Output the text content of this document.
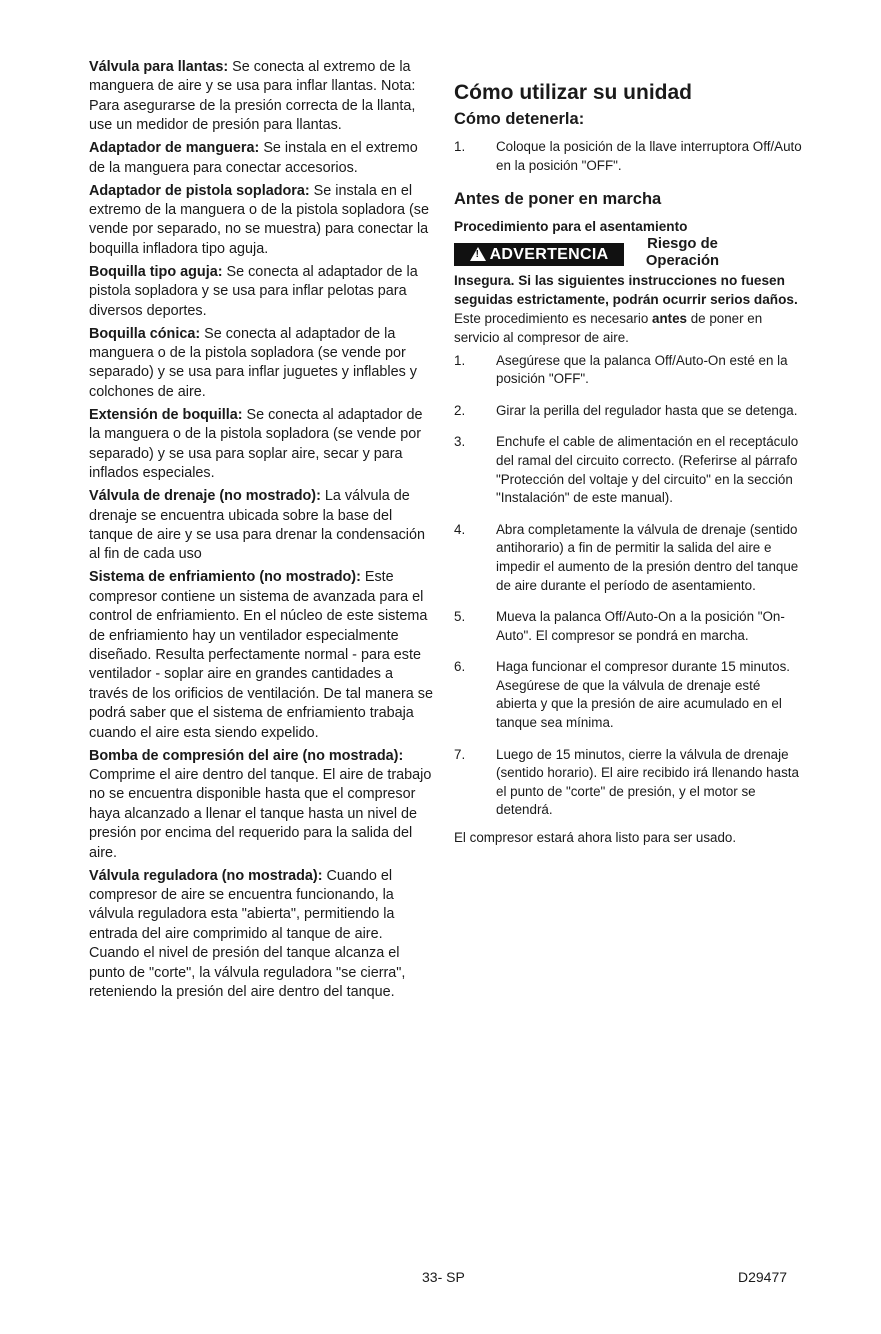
Válvula para llantas: Se conecta al extremo de la manguera de aire y se usa para inflar llantas. Nota: Para asegurarse de la presión correcta de la llanta, use un medidor de presión para llantas.

Adaptador de manguera: Se instala en el extremo de la manguera para conectar accesorios.

Adaptador de pistola sopladora: Se instala en el extremo de la manguera o de la pistola sopladora (se vende por separado, no se muestra) para conectar la boquilla infladora tipo aguja.

Boquilla tipo aguja: Se conecta al adaptador de la pistola sopladora y se usa para inflar pelotas para diversos deportes.

Boquilla cónica: Se conecta al adaptador de la manguera o de la pistola sopladora (se vende por separado) y se usa para inflar juguetes y inflables y colchones de aire.

Extensión de boquilla: Se conecta al adaptador de la manguera o de la pistola sopladora (se vende por separado) y se usa para soplar aire, secar y para inflados especiales.

Válvula de drenaje (no mostrado): La válvula de drenaje se encuentra ubicada sobre la base del tanque de aire y se usa para drenar la condensación al fin de cada uso

Sistema de enfriamiento (no mostrado): Este compresor contiene un sistema de avanzada para el control de enfriamiento. En el núcleo de este sistema de enfriamiento hay un ventilador especialmente diseñado. Resulta perfectamente normal - para este ventilador - soplar aire en grandes cantidades a través de los orificios de ventilación. De tal manera se podrá saber que el sistema de enfriamiento trabaja cuando el aire esta siendo expelido.

Bomba de compresión del aire (no mostrada): Comprime el aire dentro del tanque. El aire de trabajo no se encuentra disponible hasta que el compresor haya alcanzado a llenar el tanque hasta un nivel de presión por encima del requerido para la salida del aire.

Válvula reguladora (no mostrada): Cuando el compresor de aire se encuentra funcionando, la válvula reguladora esta "abierta", permitiendo la entrada del aire comprimido al tanque de aire. Cuando el nivel de presión del tanque alcanza el punto de "corte", la válvula reguladora "se cierra", reteniendo la presión del aire dentro del tanque.

Cómo utilizar su unidad
Cómo detenerla:
1. Coloque la posición de la llave interruptora Off/Auto en la posición "OFF".
Antes de poner en marcha
Procedimiento para el asentamiento
!ADVERTENCIA
Riesgo de Operación
Insegura. Si las siguientes instrucciones no fuesen seguidas estrictamente, podrán ocurrir serios daños.

Este procedimiento es necesario antes de poner en servicio al compresor de aire.

1. Asegúrese que la palanca Off/Auto-On esté en la posición "OFF".
2. Girar la perilla del regulador hasta que se detenga.
3. Enchufe el cable de alimentación en el receptáculo del ramal del circuito correcto. (Referirse al párrafo "Protección del voltaje y del circuito" en la sección "Instalación" de este manual).
4. Abra completamente la válvula de drenaje (sentido antihorario) a fin de permitir la salida del aire e impedir el aumento de la presión dentro del tanque de aire durante el período de asentamiento.
5. Mueva la palanca Off/Auto-On a la posición "On-Auto". El compresor se pondrá en marcha.
6. Haga funcionar el compresor durante 15 minutos. Asegúrese de que la válvula de drenaje esté abierta y que la presión de aire acumulado en el tanque sea mínima.
7. Luego de 15 minutos, cierre la válvula de drenaje (sentido horario). El aire recibido irá llenando hasta el punto de "corte" de presión, y el motor se detendrá.

El compresor estará ahora listo para ser usado.

33- SP	D29477
